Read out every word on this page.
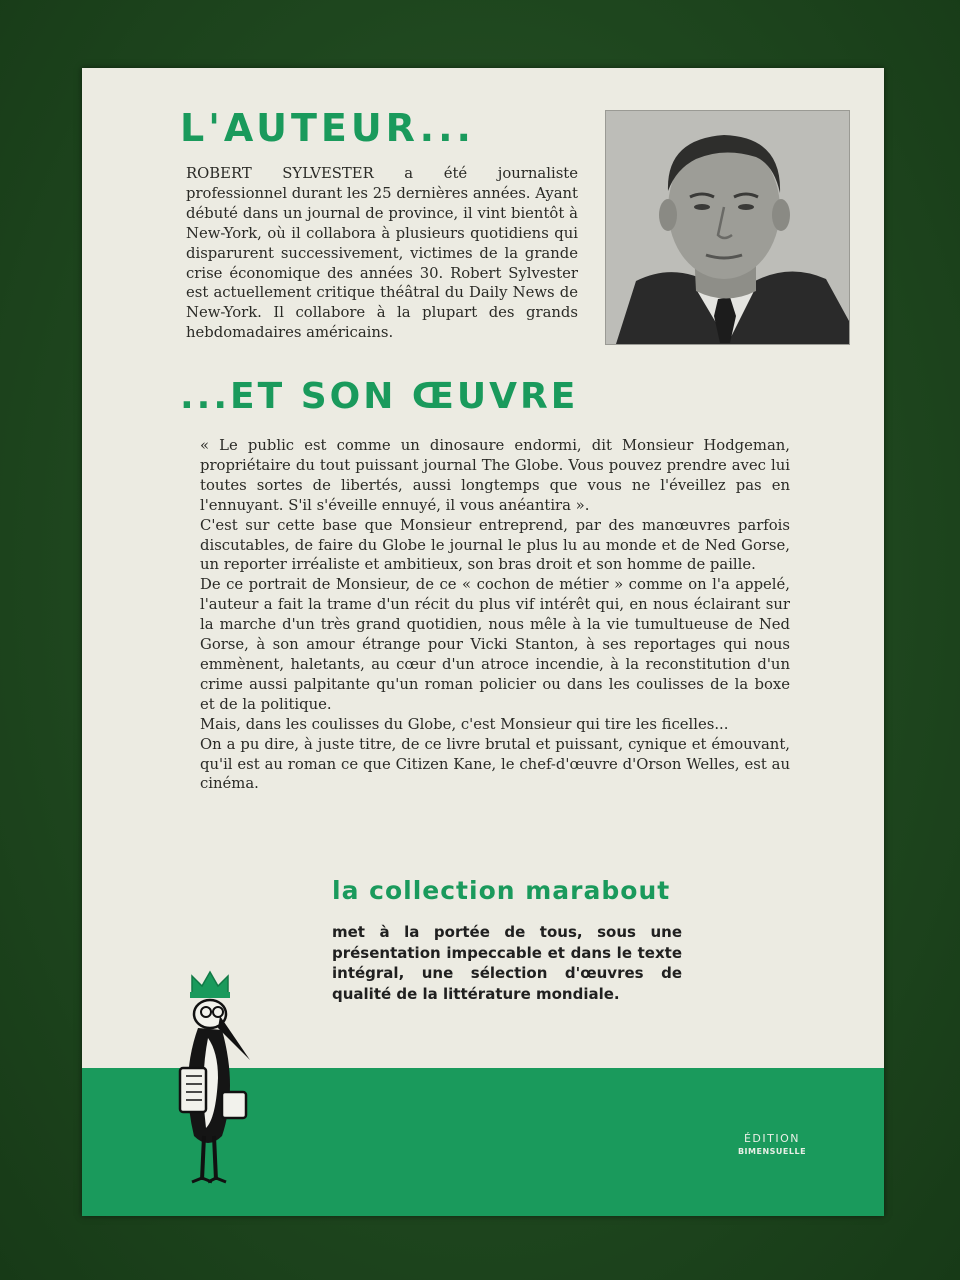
L'AUTEUR...

ROBERT SYLVESTER a été journaliste professionnel durant les 25 dernières années. Ayant débuté dans un journal de province, il vint bientôt à New-York, où il collabora à plusieurs quotidiens qui disparurent successivement, victimes de la grande crise économique des années 30. Robert Sylvester est actuellement critique théâtral du Daily News de New-York. Il collabore à la plupart des grands hebdomadaires américains.

...ET SON ŒUVRE

« Le public est comme un dinosaure endormi, dit Monsieur Hodgeman, propriétaire du tout puissant journal The Globe. Vous pouvez prendre avec lui toutes sortes de libertés, aussi longtemps que vous ne l'éveillez pas en l'ennuyant. S'il s'éveille ennuyé, il vous anéantira ».

C'est sur cette base que Monsieur entreprend, par des manœuvres parfois discutables, de faire du Globe le journal le plus lu au monde et de Ned Gorse, un reporter irréaliste et ambitieux, son bras droit et son homme de paille.

De ce portrait de Monsieur, de ce « cochon de métier » comme on l'a appelé, l'auteur a fait la trame d'un récit du plus vif intérêt qui, en nous éclairant sur la marche d'un très grand quotidien, nous mêle à la vie tumultueuse de Ned Gorse, à son amour étrange pour Vicki Stanton, à ses reportages qui nous emmènent, haletants, au cœur d'un atroce incendie, à la reconstitution d'un crime aussi palpitante qu'un roman policier ou dans les coulisses de la boxe et de la politique.

Mais, dans les coulisses du Globe, c'est Monsieur qui tire les ficelles...

On a pu dire, à juste titre, de ce livre brutal et puissant, cynique et émouvant, qu'il est au roman ce que Citizen Kane, le chef-d'œuvre d'Orson Welles, est au cinéma.

la collection marabout

met à la portée de tous, sous une présentation impeccable et dans le texte intégral, une sélection d'œuvres de qualité de la littérature mondiale.

ÉDITION
BIMENSUELLE
